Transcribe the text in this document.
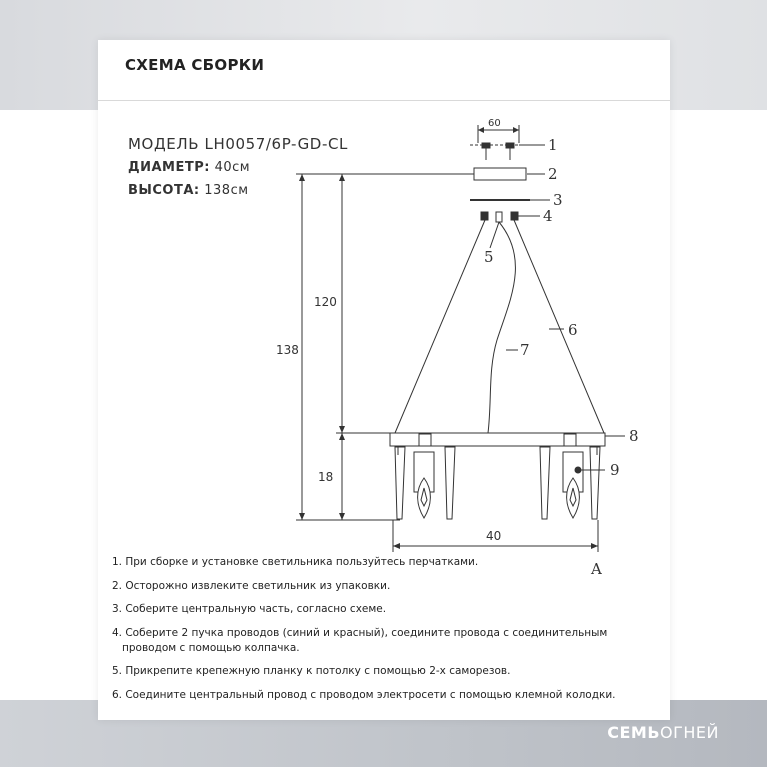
СХЕМА СБОРКИ
МОДЕЛЬ LH0057/6P-GD-CL
ДИАМЕТР: 40см
ВЫСОТА: 138см
60
138
120
18
40
1
2
3
4
5
6
7
8
9
A
1. При сборке и установке светильника пользуйтесь перчатками.
2. Осторожно извлеките светильник из упаковки.
3. Соберите центральную часть, согласно схеме.
4. Соберите 2 пучка проводов (синий и красный), соедините провода с соединительным
проводом с помощью колпачка.
5. Прикрепите крепежную планку к потолку с помощью 2-х саморезов.
6. Соедините центральный провод с проводом электросети с помощью клемной колодки.
СЕМЬОГНЕЙ
